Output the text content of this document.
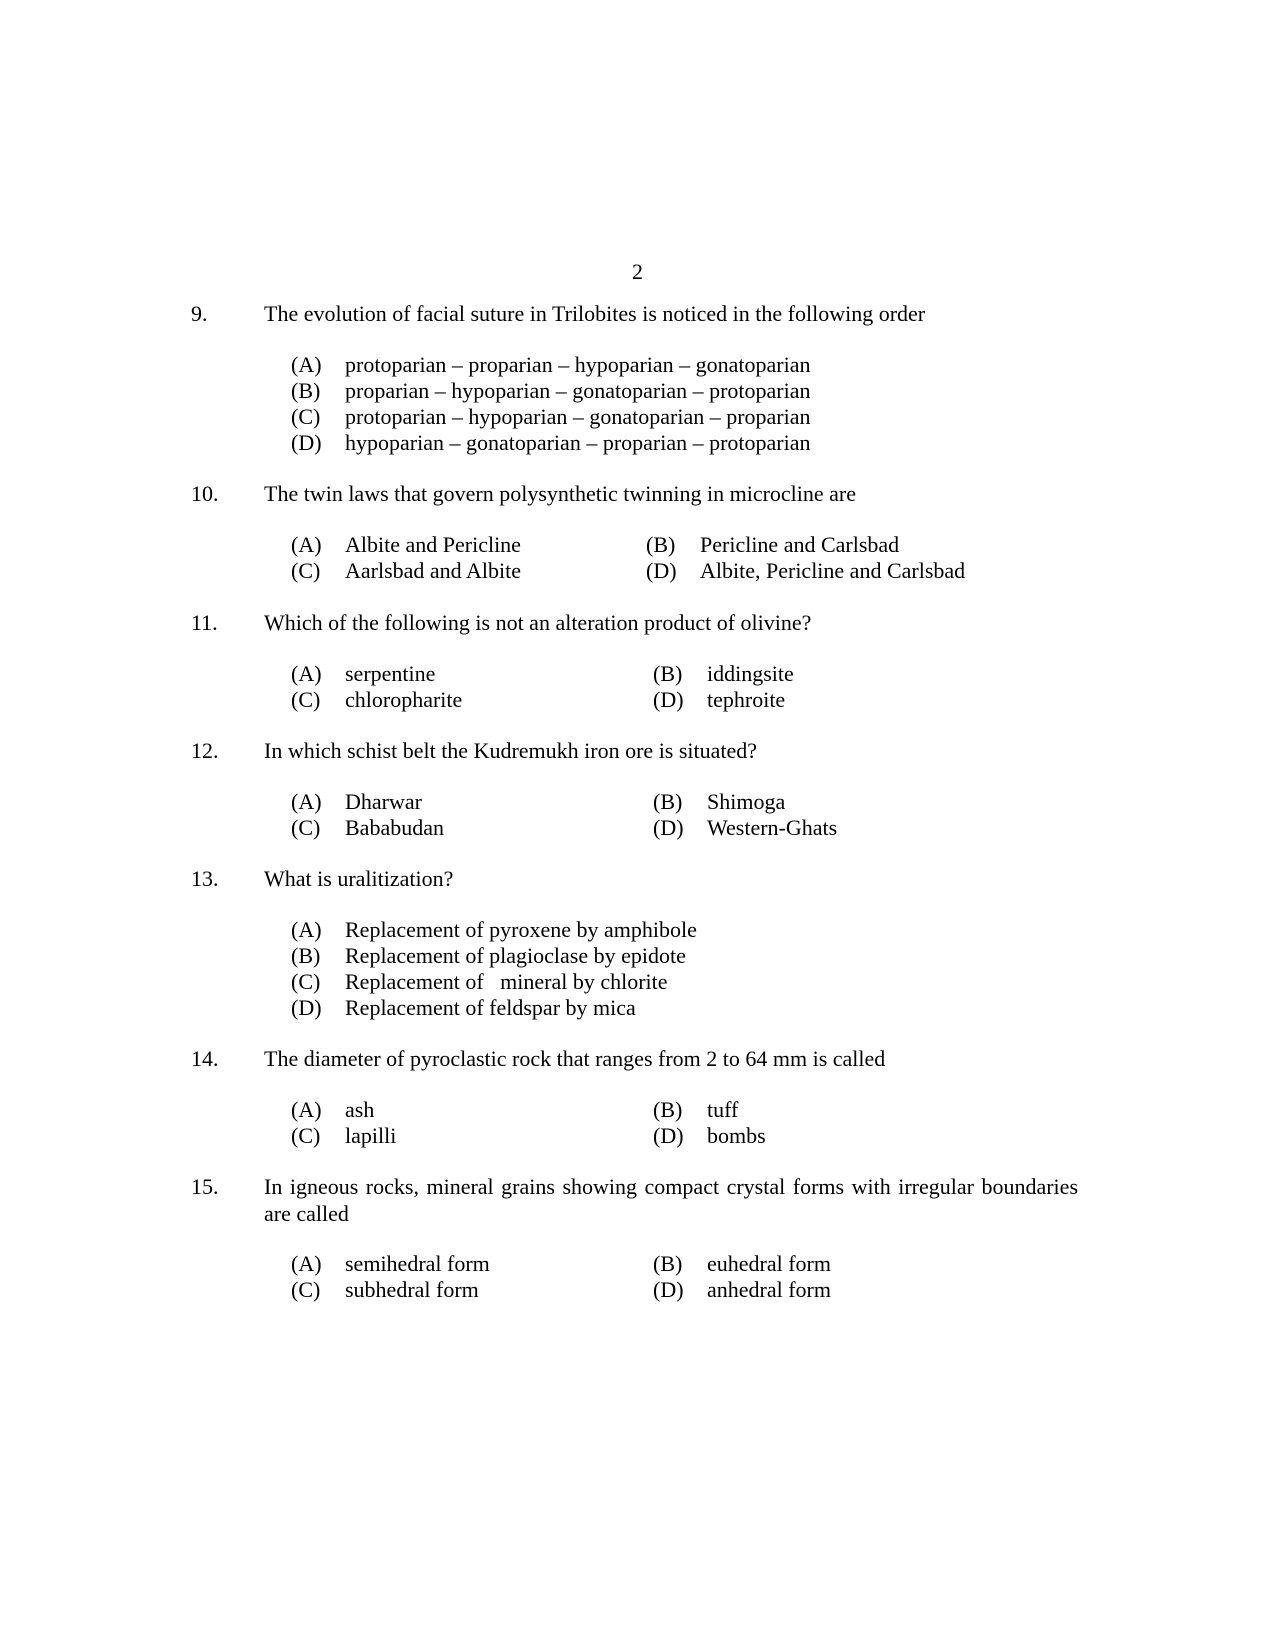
2
9.	The evolution of facial suture in Trilobites is noticed in the following order
(A) protoparian – proparian – hypoparian – gonatoparian
(B) proparian – hypoparian – gonatoparian – protoparian
(C) protoparian – hypoparian – gonatoparian – proparian
(D) hypoparian – gonatoparian – proparian – protoparian
10. The twin laws that govern polysynthetic twinning in microcline are
(A) Albite and Pericline	(B) Pericline and Carlsbad
(C) Aarlsbad and Albite	(D) Albite, Pericline and Carlsbad
11. Which of the following is not an alteration product of olivine?
(A) serpentine	(B) iddingsite
(C) chloropharite	(D) tephroite
12. In which schist belt the Kudremukh iron ore is situated?
(A) Dharwar	(B) Shimoga
(C) Bababudan	(D) Western-Ghats
13. What is uralitization?
(A) Replacement of pyroxene by amphibole
(B) Replacement of plagioclase by epidote
(C) Replacement of   mineral by chlorite
(D) Replacement of feldspar by mica
14. The diameter of pyroclastic rock that ranges from 2 to 64 mm is called
(A) ash	(B) tuff
(C) lapilli	(D) bombs
15. In igneous rocks, mineral grains showing compact crystal forms with irregular boundaries are called
(A) semihedral form	(B) euhedral form
(C) subhedral form	(D) anhedral form
